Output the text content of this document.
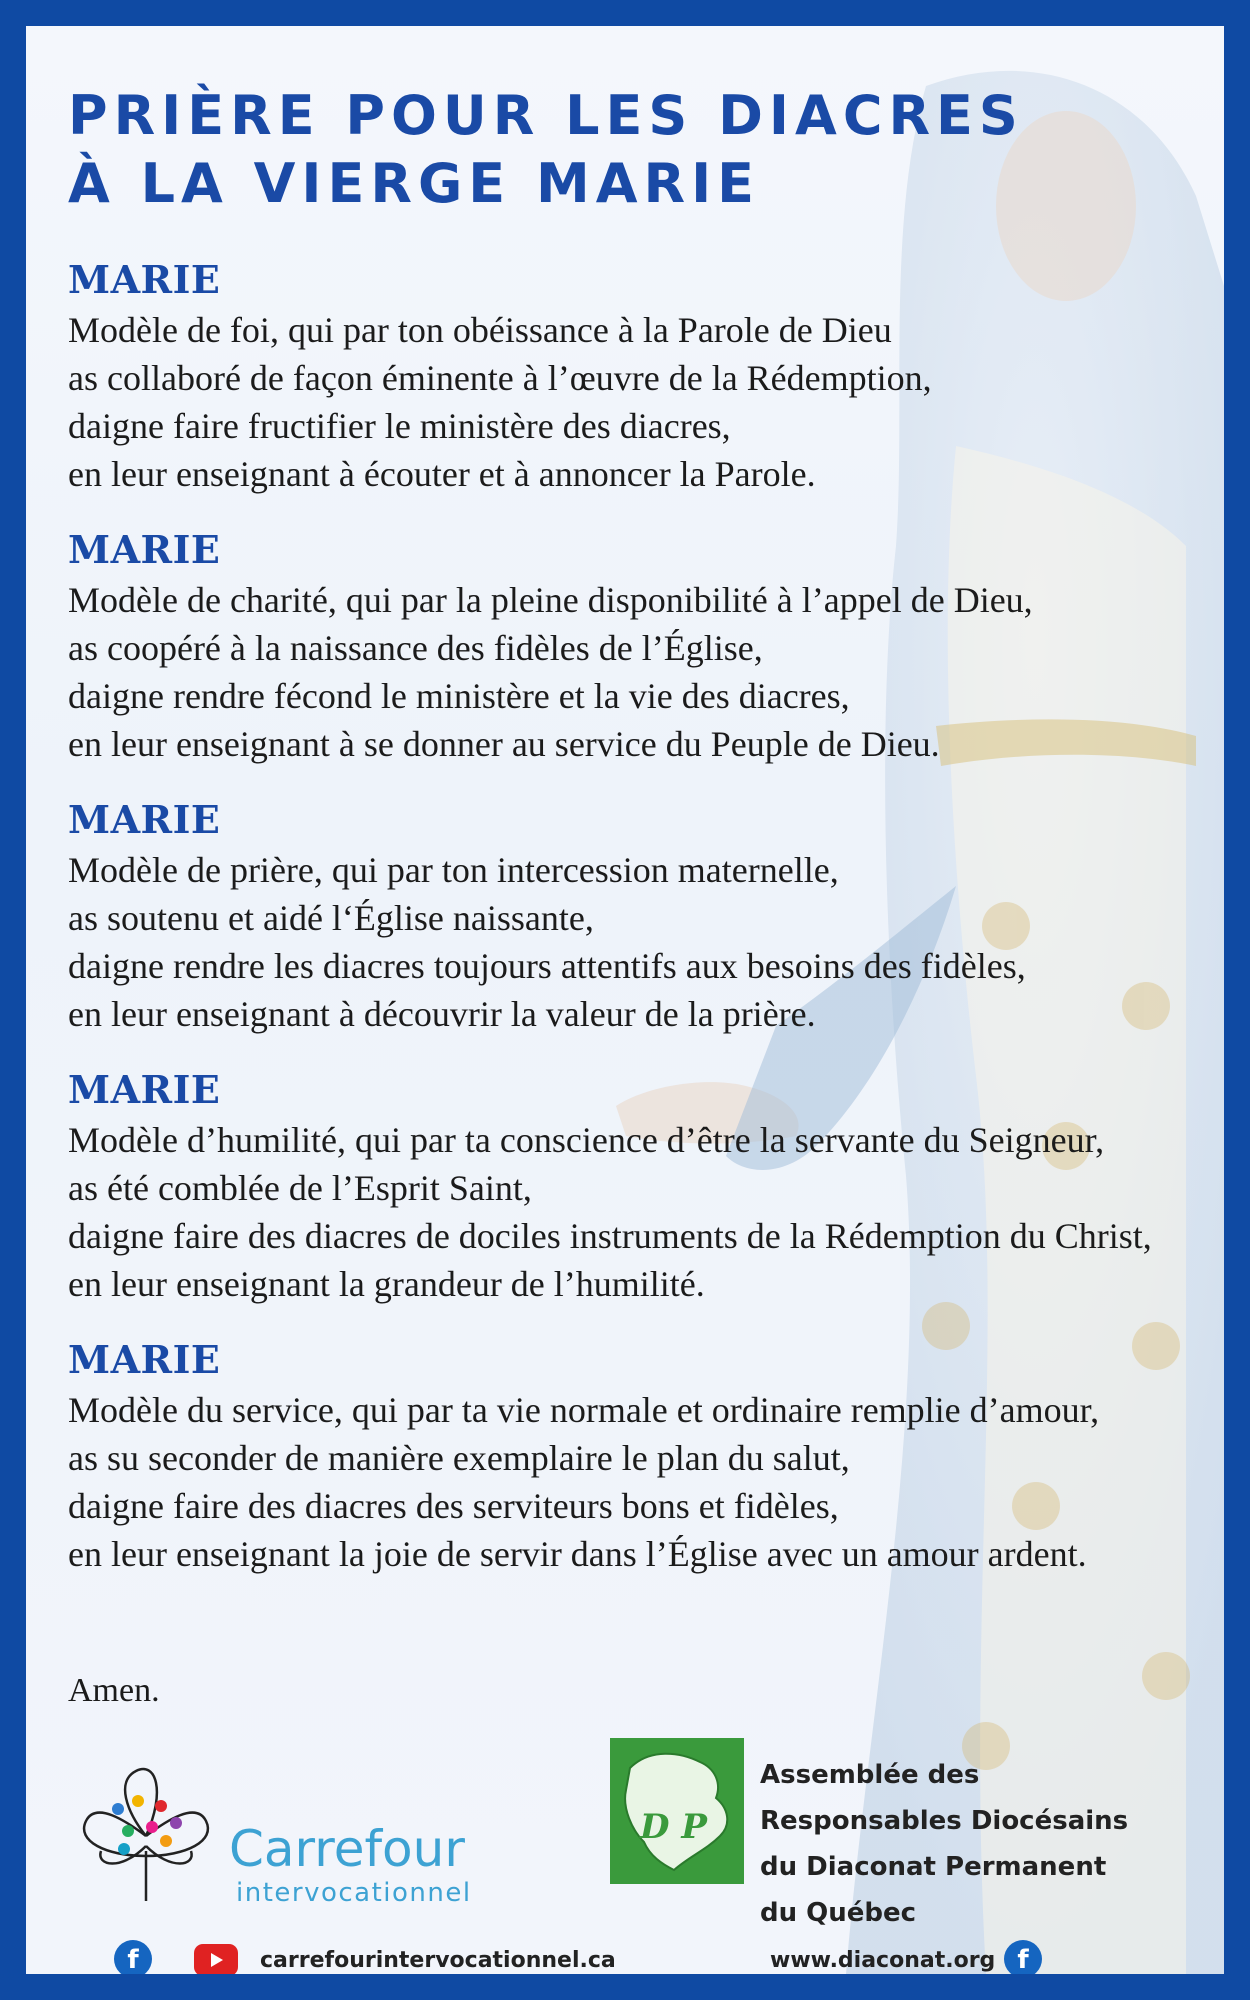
PRIÈRE POUR LES DIACRES
À LA VIERGE MARIE
MARIE
Modèle de foi, qui par ton obéissance à la Parole de Dieu
as collaboré de façon éminente à l’œuvre de la Rédemption,
daigne faire fructifier le ministère des diacres,
en leur enseignant à écouter et à annoncer la Parole.
MARIE
Modèle de charité, qui par la pleine disponibilité à l’appel de Dieu,
as coopéré à la naissance des fidèles de l’Église,
daigne rendre fécond le ministère et la vie des diacres,
en leur enseignant à se donner au service du Peuple de Dieu.
MARIE
Modèle de prière, qui par ton intercession maternelle,
as soutenu et aidé l‘Église naissante,
daigne rendre les diacres toujours attentifs aux besoins des fidèles,
en leur enseignant à découvrir la valeur de la prière.
MARIE
Modèle d’humilité, qui par ta conscience d’être la servante du Seigneur,
as été comblée de l’Esprit Saint,
daigne faire des diacres de dociles instruments de la Rédemption du Christ,
en leur enseignant la grandeur de l’humilité.
MARIE
Modèle du service, qui par ta vie normale et ordinaire remplie d’amour,
as su seconder de manière exemplaire le plan du salut,
daigne faire des diacres des serviteurs bons et fidèles,
en leur enseignant la joie de servir dans l’Église avec un amour ardent.
Amen.
Carrefour
intervocationnel
f	carrefourintervocationnel.ca
D P
Assemblée des
Responsables Diocésains
du Diaconat Permanent
du Québec
www.diaconat.org f
